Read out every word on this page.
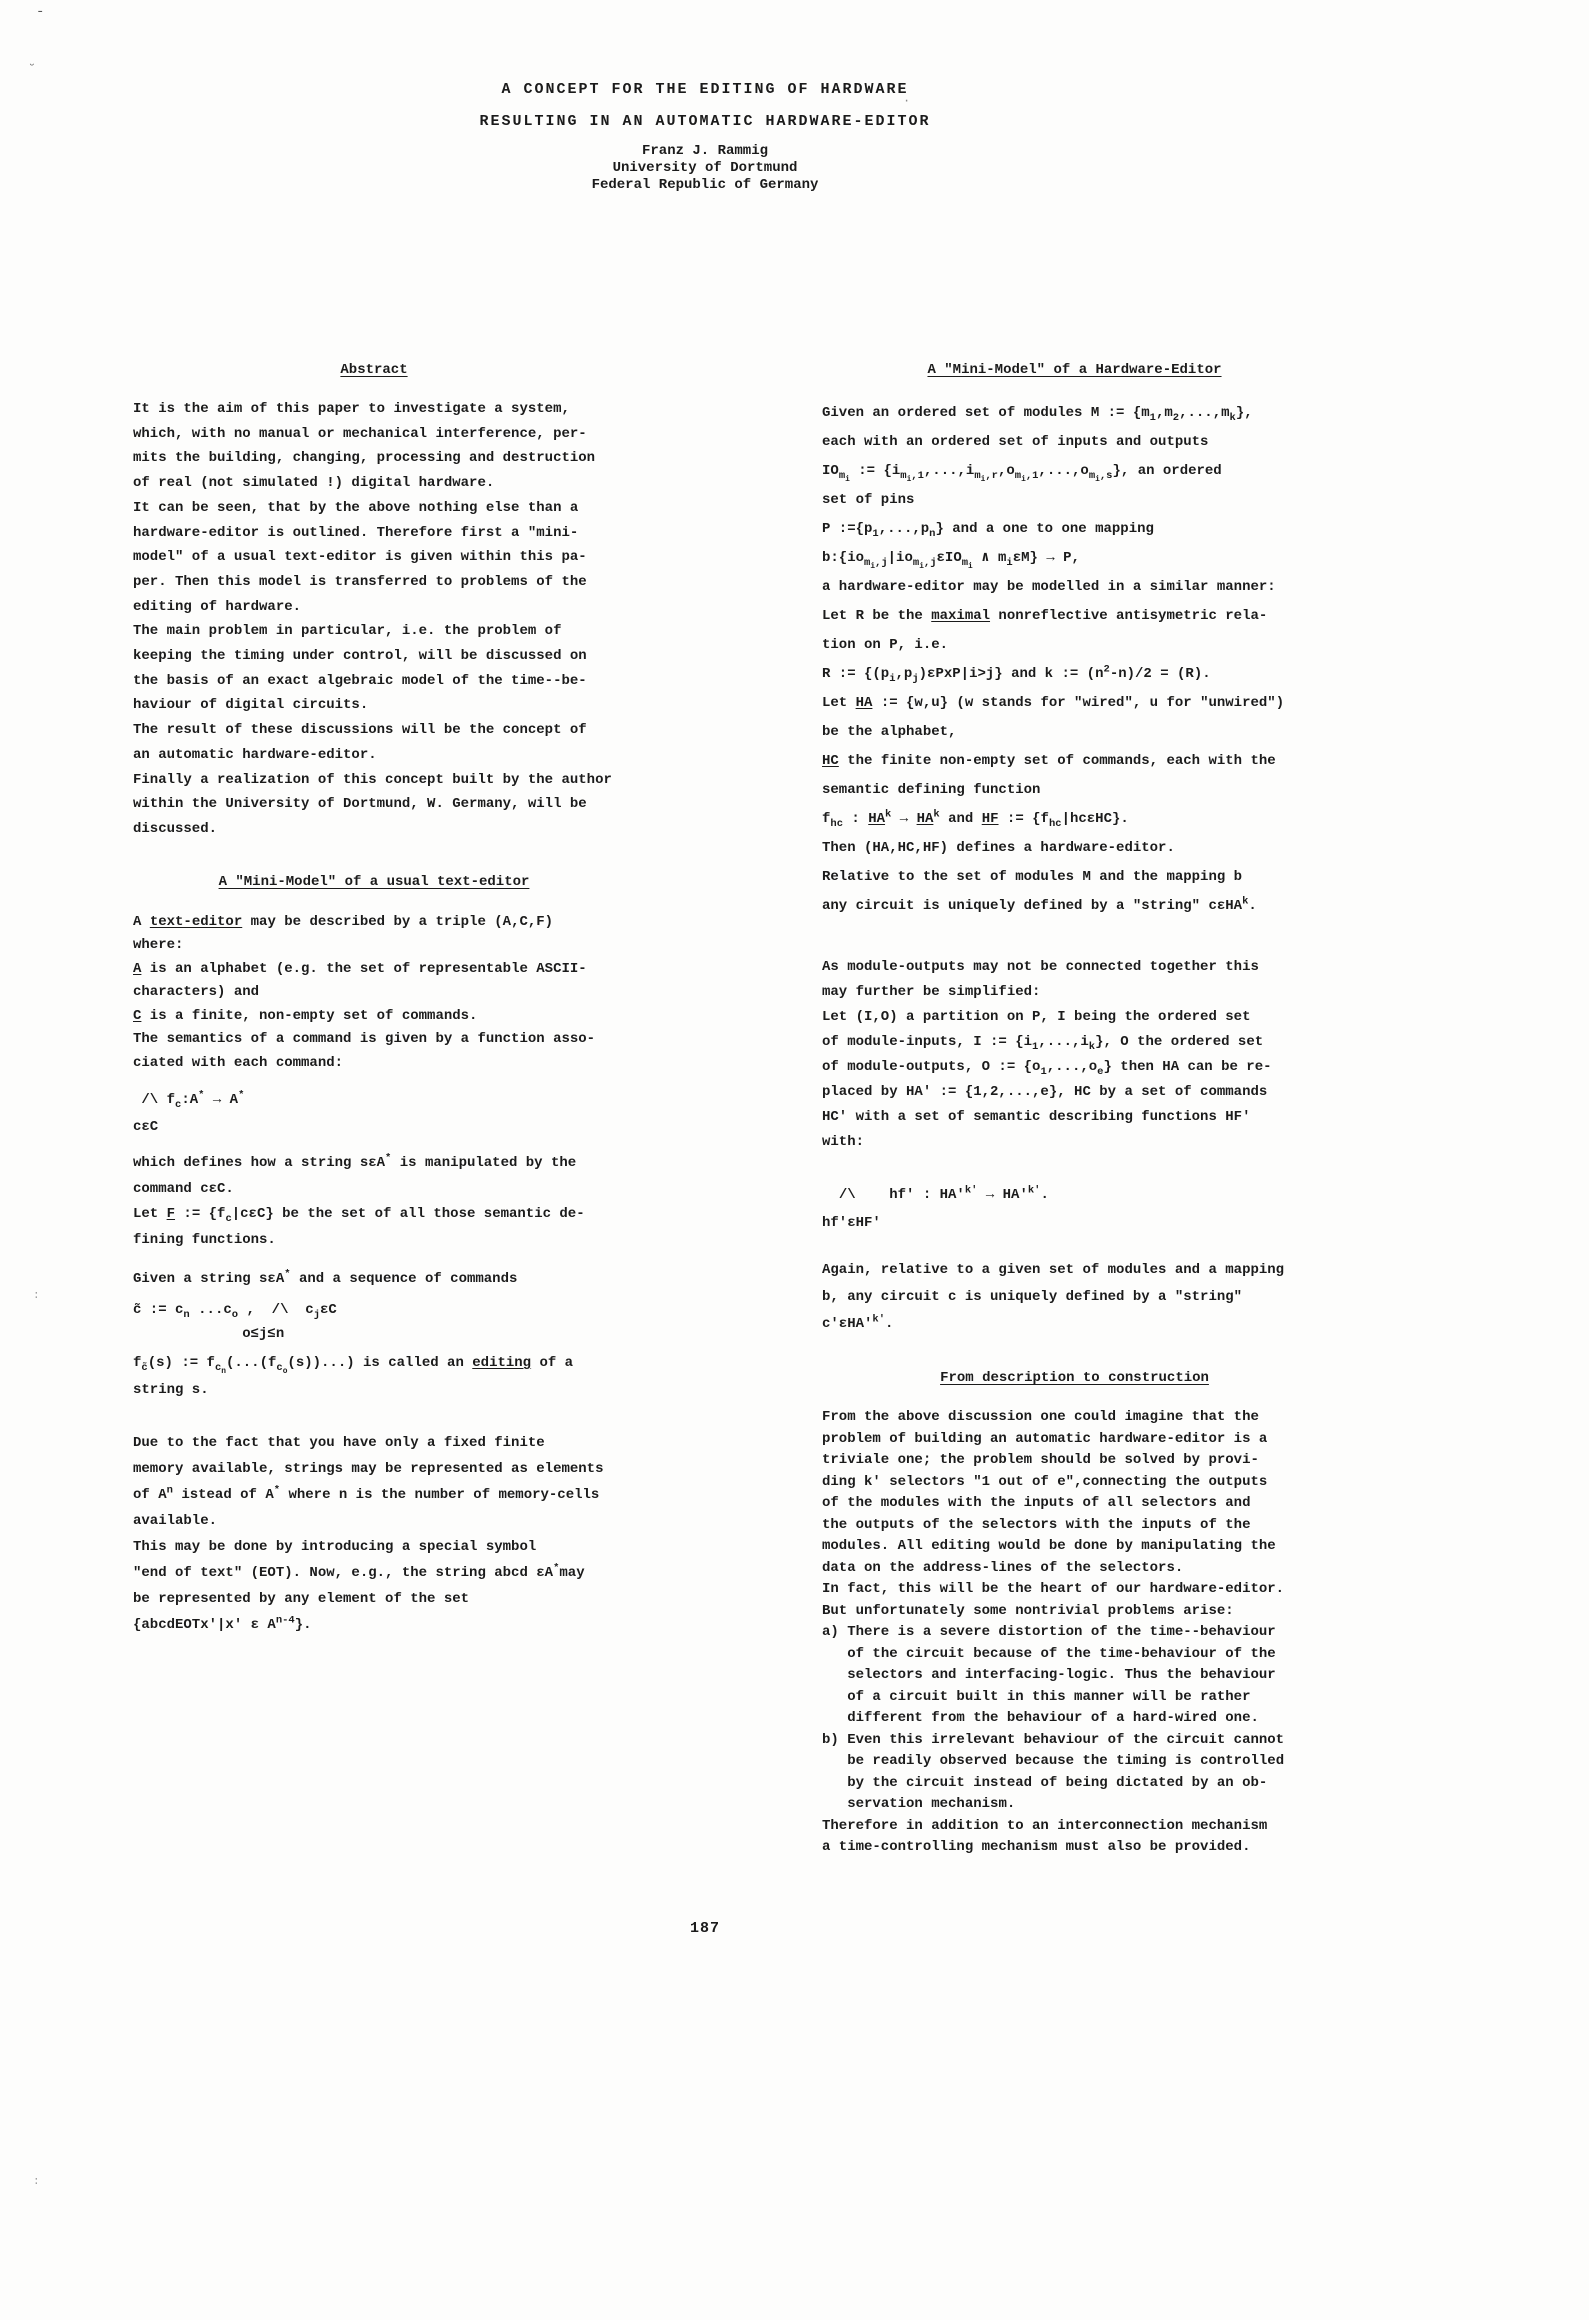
-
˘
:
:
·
A CONCEPT FOR THE EDITING OF HARDWARE
RESULTING IN AN AUTOMATIC HARDWARE-EDITOR
Franz J. Rammig
University of Dortmund
Federal Republic of Germany
Abstract
It is the aim of this paper to investigate a system,
which, with no manual or mechanical interference, per-
mits the building, changing, processing and destruction
of real (not simulated !) digital hardware.
It can be seen, that by the above nothing else than a
hardware-editor is outlined. Therefore first a "mini-
model" of a usual text-editor is given within this pa-
per. Then this model is transferred to problems of the
editing of hardware.
The main problem in particular, i.e. the problem of
keeping the timing under control, will be discussed on
the basis of an exact algebraic model of the time--be-
haviour of digital circuits.
The result of these discussions will be the concept of
an automatic hardware-editor.
Finally a realization of this concept built by the author
within the University of Dortmund, W. Germany, will be
discussed.
A "Mini-Model" of a usual text-editor
A text-editor may be described by a triple (A,C,F)
where:
A is an alphabet (e.g. the set of representable ASCII-
characters) and
C is a finite, non-empty set of commands.
The semantics of a command is given by a function asso-
ciated with each command:
/\ $f_c:A^* \to A^*$
cεC
which defines how a string sεA* is manipulated by the
command cεC.
Let F := $\{f_c|c\varepsilon C\}$ be the set of all those semantic de-
fining functions.
Given a string sεA* and a sequence of commands
c̃ := $c_n$ $...c_o$ ,  /\  $c_j\varepsilon C$
o≤j≤n
$f_{c̃}(s)$ := $f_{c_n}(...(f_{c_o}(s))...)$ is called an editing of a
string s.
Due to the fact that you have only a fixed finite
memory available, strings may be represented as elements
of $A^n$ istead of A* where n is the number of memory-cells
available.
This may be done by introducing a special symbol
"end of text" (EOT). Now, e.g., the string abcd εA*may
be represented by any element of the set
{abcdEOTx'|x' ε $A^{n-4}$}.
A "Mini-Model" of a Hardware-Editor
Given an ordered set of modules M := $\{m_1,m_2,...,m_k\}$,
each with an ordered set of inputs and outputs
$IO_{m_i}$ := $\{i_{m_i,1},...,i_{m_i,r},o_{m_i,1},...,o_{m_i,s}\}$, an ordered
set of pins
P $:=\{p_1,...,p_n\}$ and a one to one mapping
$b:\{io_{m_i,j}|io_{m_i,j}\varepsilon IO_{m_i}$ ∧ $m_i\varepsilon M\} \to P$,
a hardware-editor may be modelled in a similar manner:
Let R be the maximal nonreflective antisymetric rela-
tion on P, i.e.
R := $\{(p_i,p_j)\varepsilon PxP|i>j\}$ and k := $(n^2-n)/2 = (R)$.
Let HA := {w,u} (w stands for "wired", u for "unwired")
be the alphabet,
HC the finite non-empty set of commands, each with the
semantic defining function
$f_{hc}$ : $HA^k \to HA^k$ and HF := $\{f_{hc}|hc\varepsilon HC\}$.
Then (HA,HC,HF) defines a hardware-editor.
Relative to the set of modules M and the mapping b
any circuit is uniquely defined by a "string" cεHA$^k$.
As module-outputs may not be connected together this
may further be simplified:
Let (I,O) a partition on P, I being the ordered set
of module-inputs, I := $\{i_1,...,i_k\}$, O the ordered set
of module-outputs, O := $\{o_1,...,o_e\}$ then HA can be re-
placed by HA' := {1,2,...,e}, HC by a set of commands
HC' with a set of semantic describing functions HF'
with:
/\    hf' : $HA'^{k'} \to HA'^{k'}$.
hf'εHF'
Again, relative to a given set of modules and a mapping
b, any circuit c is uniquely defined by a "string"
$c'\varepsilon HA'^{k'}$.
From description to construction
From the above discussion one could imagine that the
problem of building an automatic hardware-editor is a
triviale one; the problem should be solved by provi-
ding k' selectors "1 out of e",connecting the outputs
of the modules with the inputs of all selectors and
the outputs of the selectors with the inputs of the
modules. All editing would be done by manipulating the
data on the address-lines of the selectors.
In fact, this will be the heart of our hardware-editor.
But unfortunately some nontrivial problems arise:
a) There is a severe distortion of the time--behaviour
of the circuit because of the time-behaviour of the
selectors and interfacing-logic. Thus the behaviour
of a circuit built in this manner will be rather
different from the behaviour of a hard-wired one.
b) Even this irrelevant behaviour of the circuit cannot
be readily observed because the timing is controlled
by the circuit instead of being dictated by an ob-
servation mechanism.
Therefore in addition to an interconnection mechanism
a time-controlling mechanism must also be provided.
187
